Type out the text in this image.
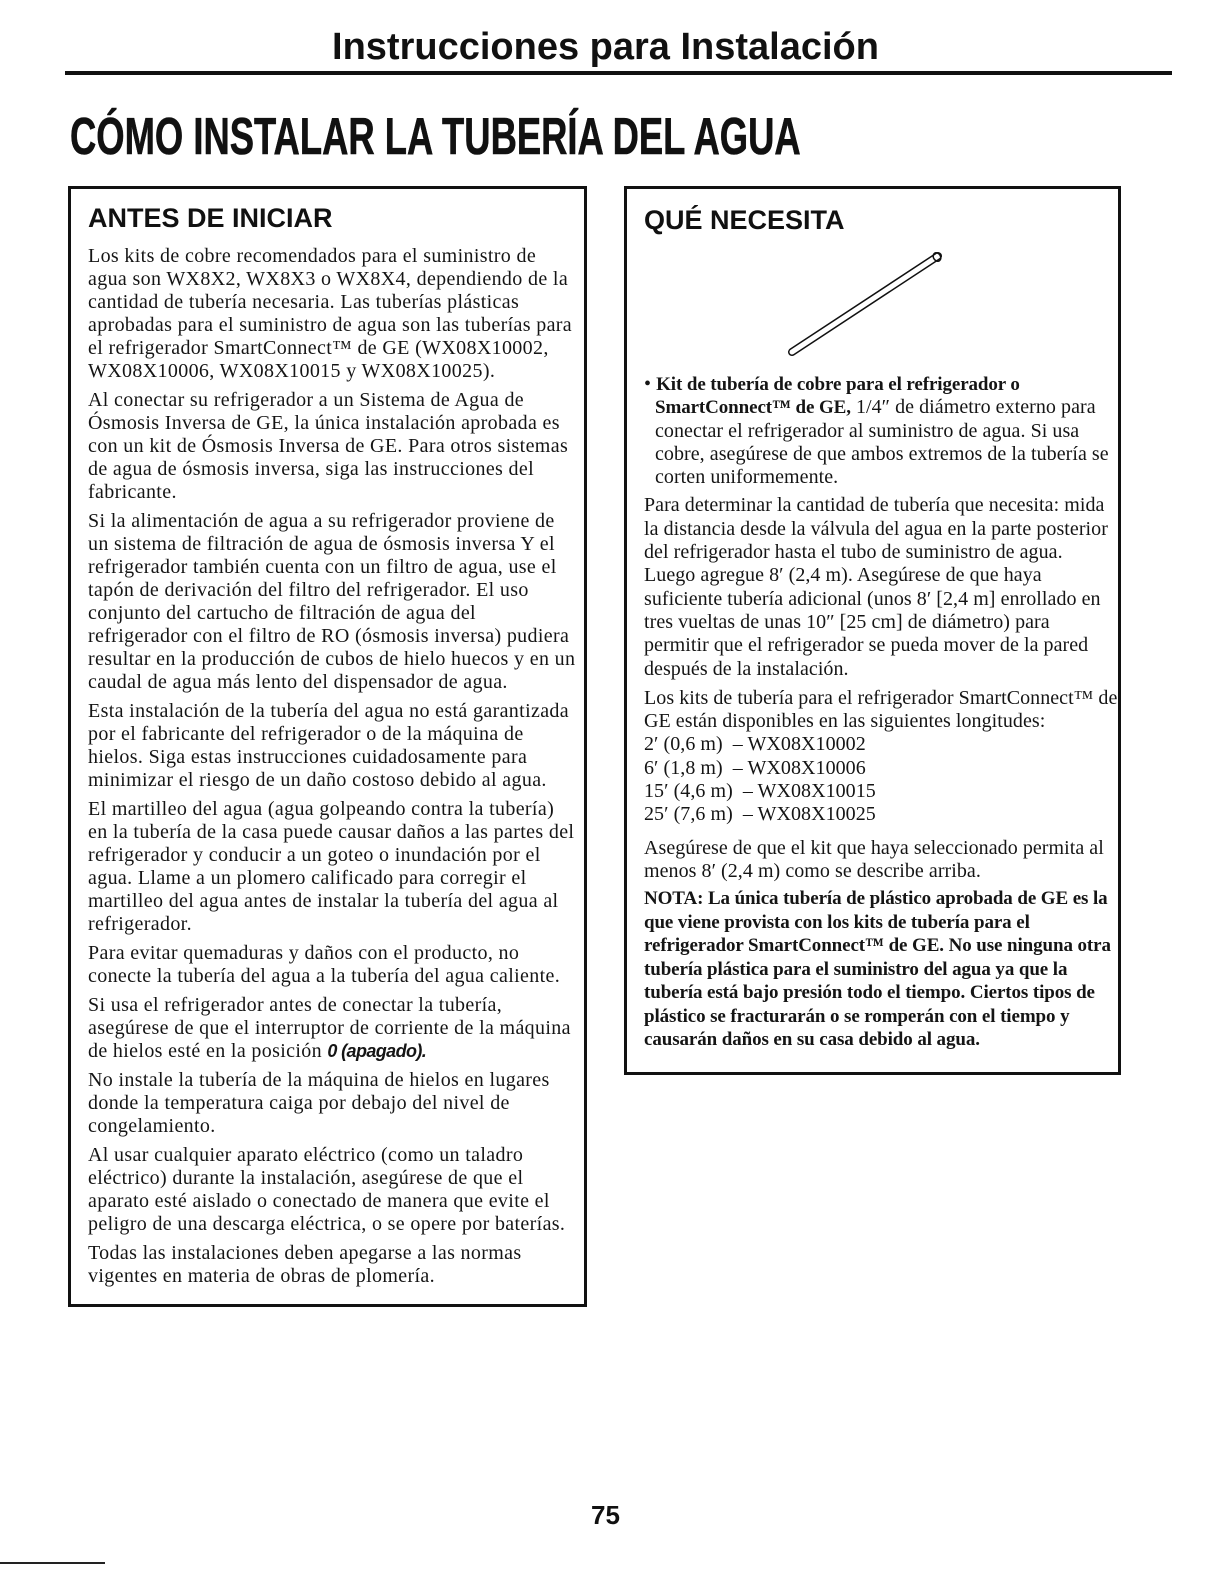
Instrucciones para Instalación
CÓMO INSTALAR LA TUBERÍA DEL AGUA
ANTES DE INICIAR

Los kits de cobre recomendados para el suministro de agua son WX8X2, WX8X3 o WX8X4, dependiendo de la cantidad de tubería necesaria. Las tuberías plásticas aprobadas para el suministro de agua son las tuberías para el refrigerador SmartConnect™ de GE (WX08X10002, WX08X10006, WX08X10015 y WX08X10025).

Al conectar su refrigerador a un Sistema de Agua de Ósmosis Inversa de GE, la única instalación aprobada es con un kit de Ósmosis Inversa de GE. Para otros sistemas de agua de ósmosis inversa, siga las instrucciones del fabricante.

Si la alimentación de agua a su refrigerador proviene de un sistema de filtración de agua de ósmosis inversa Y el refrigerador también cuenta con un filtro de agua, use el tapón de derivación del filtro del refrigerador. El uso conjunto del cartucho de filtración de agua del refrigerador con el filtro de RO (ósmosis inversa) pudiera resultar en la producción de cubos de hielo huecos y en un caudal de agua más lento del dispensador de agua.

Esta instalación de la tubería del agua no está garantizada por el fabricante del refrigerador o de la máquina de hielos. Siga estas instrucciones cuidadosamente para minimizar el riesgo de un daño costoso debido al agua.

El martilleo del agua (agua golpeando contra la tubería) en la tubería de la casa puede causar daños a las partes del refrigerador y conducir a un goteo o inundación por el agua. Llame a un plomero calificado para corregir el martilleo del agua antes de instalar la tubería del agua al refrigerador.

Para evitar quemaduras y daños con el producto, no conecte la tubería del agua a la tubería del agua caliente.

Si usa el refrigerador antes de conectar la tubería, asegúrese de que el interruptor de corriente de la máquina de hielos esté en la posición 0 (apagado).

No instale la tubería de la máquina de hielos en lugares donde la temperatura caiga por debajo del nivel de congelamiento.

Al usar cualquier aparato eléctrico (como un taladro eléctrico) durante la instalación, asegúrese de que el aparato esté aislado o conectado de manera que evite el peligro de una descarga eléctrica, o se opere por baterías.

Todas las instalaciones deben apegarse a las normas vigentes en materia de obras de plomería.

QUÉ NECESITA

• Kit de tubería de cobre para el refrigerador o SmartConnect™ de GE, 1/4″ de diámetro externo para conectar el refrigerador al suministro de agua. Si usa cobre, asegúrese de que ambos extremos de la tubería se corten uniformemente.

Para determinar la cantidad de tubería que necesita: mida la distancia desde la válvula del agua en la parte posterior del refrigerador hasta el tubo de suministro de agua. Luego agregue 8′ (2,4 m). Asegúrese de que haya suficiente tubería adicional (unos 8′ [2,4 m] enrollado en tres vueltas de unas 10″ [25 cm] de diámetro) para permitir que el refrigerador se pueda mover de la pared después de la instalación.

Los kits de tubería para el refrigerador SmartConnect™ de GE están disponibles en las siguientes longitudes:

2′ (0,6 m) – WX08X10002
6′ (1,8 m) – WX08X10006
15′ (4,6 m) – WX08X10015
25′ (7,6 m) – WX08X10025

Asegúrese de que el kit que haya seleccionado permita al menos 8′ (2,4 m) como se describe arriba.

NOTA: La única tubería de plástico aprobada de GE es la que viene provista con los kits de tubería para el refrigerador SmartConnect™ de GE. No use ninguna otra tubería plástica para el suministro del agua ya que la tubería está bajo presión todo el tiempo. Ciertos tipos de plástico se fracturarán o se romperán con el tiempo y causarán daños en su casa debido al agua.

75
